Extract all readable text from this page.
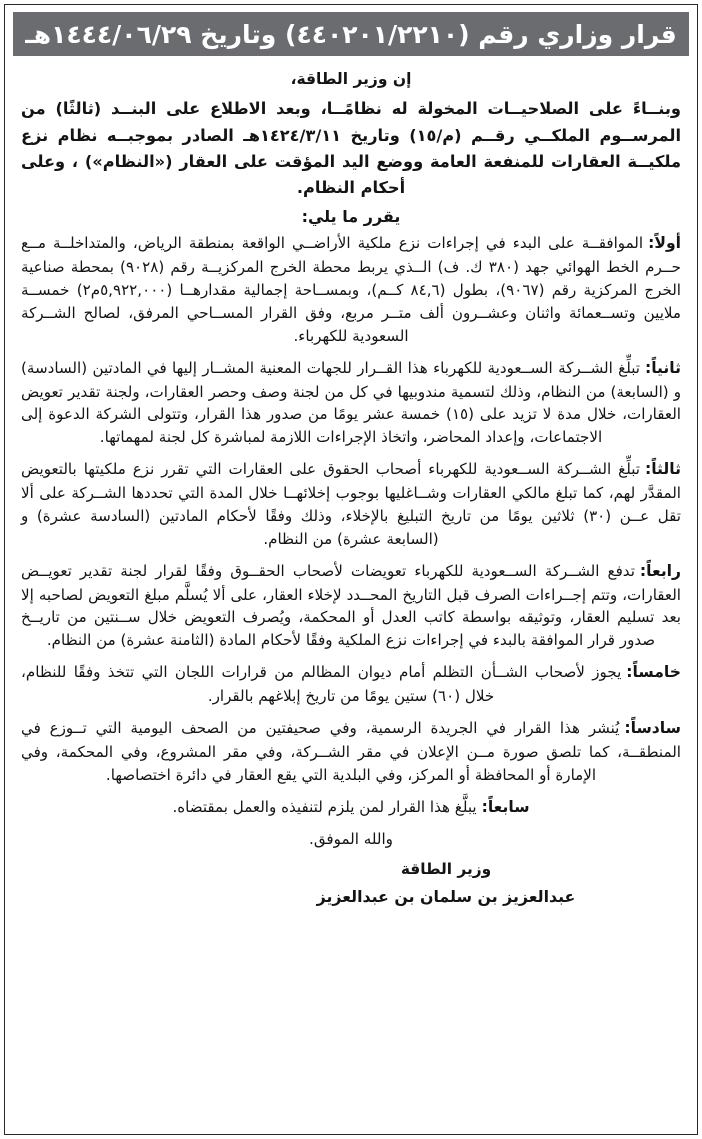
قرار وزاري رقم (٤٤٠٢٠١/٢٢١٠) وتاريخ ١٤٤٤/٠٦/٢٩هـ
إن وزير الطاقة،
وبنــاءً على الصلاحيــات المخولة له نظامًــا، وبعد الاطلاع على البنــد (ثالثًا) من المرســوم الملكــي رقــم (م/١٥) وتاريخ ١٤٢٤/٣/١١هـ الصادر بموجبــه نظام نزع ملكيــة العقارات للمنفعة العامة ووضع اليد المؤقت على العقار («النظام») ، وعلى أحكام النظام.
يقرر ما يلي:

أولاً:الموافقــة على البدء في إجراءات نزع ملكية الأراضــي الواقعة بمنطقة الرياض، والمتداخلــة مــع حــرم الخط الهوائي جهد (٣٨٠ ك. ف) الــذي يربط محطة الخرج المركزيــة رقم (٩٠٢٨) بمحطة صناعية الخرج المركزية رقم (٩٠٦٧)، بطول (٨٤,٦ كــم)، وبمســاحة إجمالية مقدارهــا (٥,٩٢٢,٠٠٠م٢) خمســة ملايين وتســعمائة واثنان وعشــرون ألف متــر مربع، وفق القرار المســاحي المرفق، لصالح الشــركة السعودية للكهرباء.

ثانياً:تبلِّغ الشــركة الســعودية للكهرباء هذا القــرار للجهات المعنية المشــار إليها في المادتين (السادسة) و (السابعة) من النظام، وذلك لتسمية مندوبيها في كل من لجنة وصف وحصر العقارات، ولجنة تقدير تعويض العقارات، خلال مدة لا تزيد على (١٥) خمسة عشر يومًا من صدور هذا القرار، وتتولى الشركة الدعوة إلى الاجتماعات، وإعداد المحاضر، واتخاذ الإجراءات اللازمة لمباشرة كل لجنة لمهماتها.

ثالثاً:تبلِّغ الشــركة الســعودية للكهرباء أصحاب الحقوق على العقارات التي تقرر نزع ملكيتها بالتعويض المقدَّر لهم، كما تبلغ مالكي العقارات وشــاغليها بوجوب إخلائهــا خلال المدة التي تحددها الشــركة على ألا تقل عــن (٣٠) ثلاثين يومًا من تاريخ التبليغ بالإخلاء، وذلك وفقًا لأحكام المادتين (السادسة عشرة) و (السابعة عشرة) من النظام.

رابعاً:تدفع الشــركة الســعودية للكهرباء تعويضات لأصحاب الحقــوق وفقًا لقرار لجنة تقدير تعويــض العقارات، وتتم إجــراءات الصرف قبل التاريخ المحــدد لإخلاء العقار، على ألا يُسلَّم مبلغ التعويض لصاحبه إلا بعد تسليم العقار، وتوثيقه بواسطة كاتب العدل أو المحكمة، ويُصرف التعويض خلال ســنتين من تاريــخ صدور قرار الموافقة بالبدء في إجراءات نزع الملكية وفقًا لأحكام المادة (الثامنة عشرة) من النظام.

خامساً:يجوز لأصحاب الشــأن التظلم أمام ديوان المظالم من قرارات اللجان التي تتخذ وفقًا للنظام، خلال (٦٠) ستين يومًا من تاريخ إبلاغهم بالقرار.

سادساً:يُنشر هذا القرار في الجريدة الرسمية، وفي صحيفتين من الصحف اليومية التي تــوزع في المنطقــة، كما تلصق صورة مــن الإعلان في مقر الشــركة، وفي مقر المشروع، وفي المحكمة، وفي الإمارة أو المحافظة أو المركز، وفي البلدية التي يقع العقار في دائرة اختصاصها.

سابعاً:يبلَّغ هذا القرار لمن يلزم لتنفيذه والعمل بمقتضاه.

والله الموفق.
وزير الطاقة
عبدالعزيز بن سلمان بن عبدالعزيز
